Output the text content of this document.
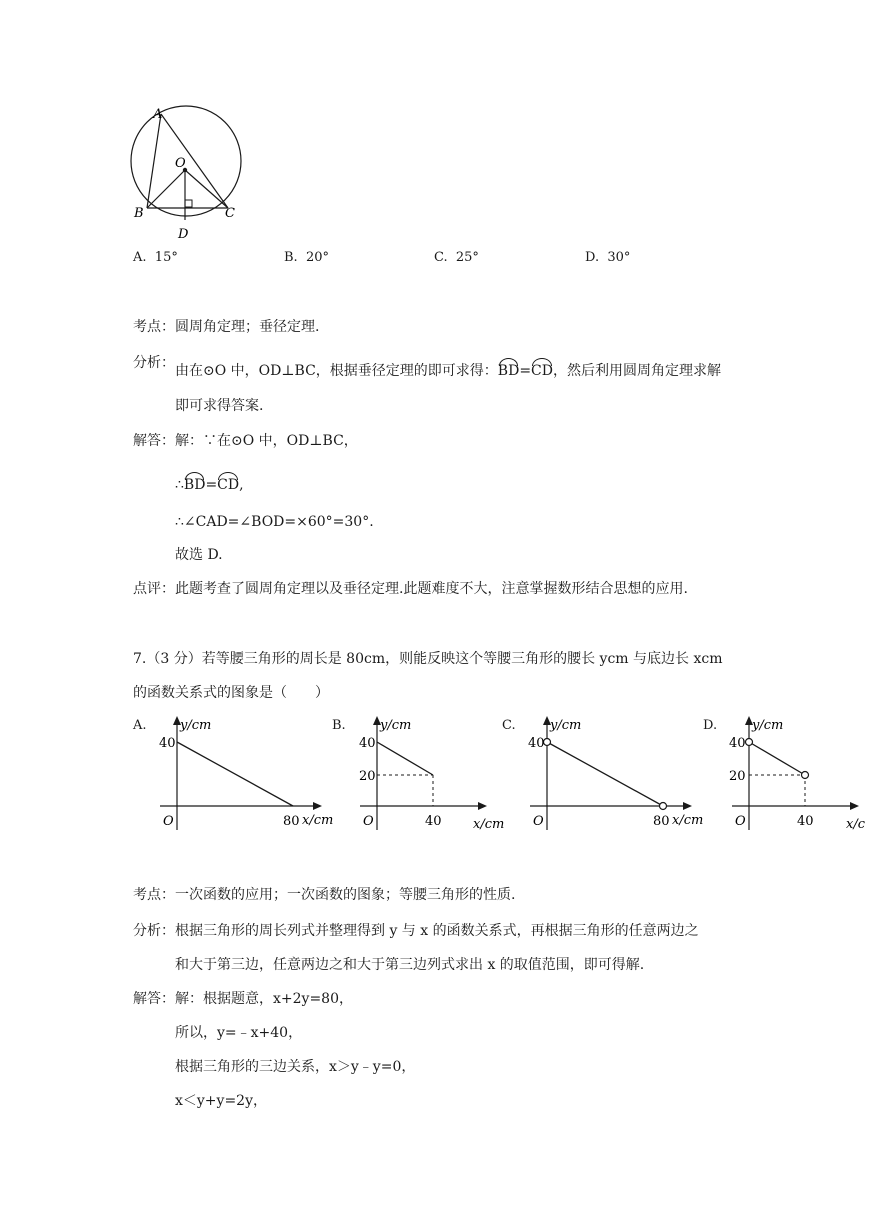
A
O
B	C
D
A. 15°	B. 20°	C. 25°	D. 30°
考点：圆周角定理；垂径定理.
分析： 由在⊙O 中，OD⊥BC，根据垂径定理的即可求得：BD=CD，然后利用圆周角定理求解
即可求得答案.
解答：解：∵在⊙O 中，OD⊥BC，
∴BD=CD,
∴∠CAD=∠BOD=×60°=30°.
故选 D.
点评：此题考查了圆周角定理以及垂径定理.此题难度不大，注意掌握数形结合思想的应用.
7.（3 分）若等腰三角形的周长是 80cm，则能反映这个等腰三角形的腰长 ycm 与底边长 xcm
的函数关系式的图象是（　　）
A.	y/cm
40
O	80 x/cm
B.	y/cm
40
20
O	40 x/cm
C.	y/cm
40
O	80 x/cm
D.	y/cm
40
20
O	40 x/c
考点：一次函数的应用；一次函数的图象；等腰三角形的性质.
分析：根据三角形的周长列式并整理得到 y 与 x 的函数关系式，再根据三角形的任意两边之
和大于第三边，任意两边之和大于第三边列式求出 x 的取值范围，即可得解.
解答：解：根据题意，x+2y=80，
所以，y=﹣x+40，
根据三角形的三边关系，x＞y﹣y=0，
x＜y+y=2y，
